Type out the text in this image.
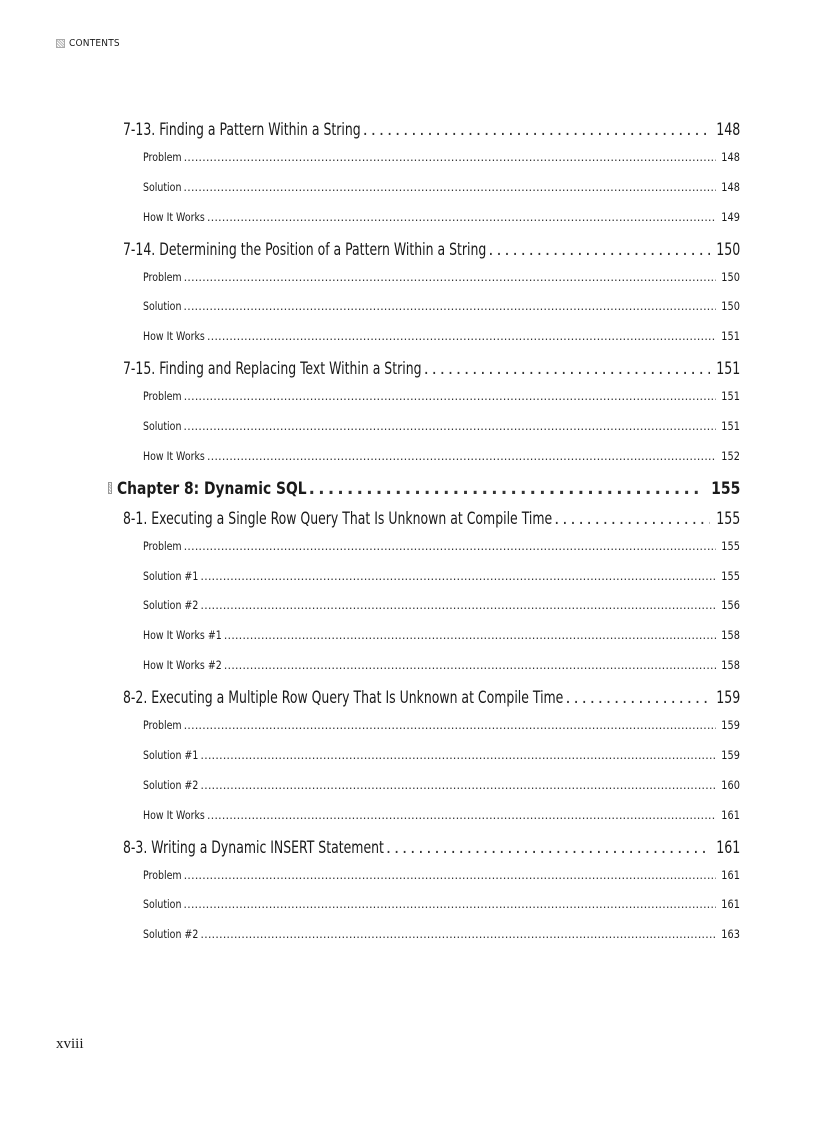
CONTENTS
7-13. Finding a Pattern Within a String . . .	148
Problem . . .	148
Solution . . .	148
How It Works . . .	149
7-14. Determining the Position of a Pattern Within a String . . .	150
Problem . . .	150
Solution . . .	150
How It Works . . .	151
7-15. Finding and Replacing Text Within a String . . .	151
Problem . . .	151
Solution . . .	151
How It Works . . .	152
Chapter 8: Dynamic SQL . . .	155
8-1. Executing a Single Row Query That Is Unknown at Compile Time . . .	155
Problem . . .	155
Solution #1 . . .	155
Solution #2 . . .	156
How It Works #1 . . .	158
How It Works #2 . . .	158
8-2. Executing a Multiple Row Query That Is Unknown at Compile Time . . .	159
Problem . . .	159
Solution #1 . . .	159
Solution #2 . . .	160
How It Works . . .	161
8-3. Writing a Dynamic INSERT Statement . . .	161
Problem . . .	161
Solution . . .	161
Solution #2 . . .	163
xviii
